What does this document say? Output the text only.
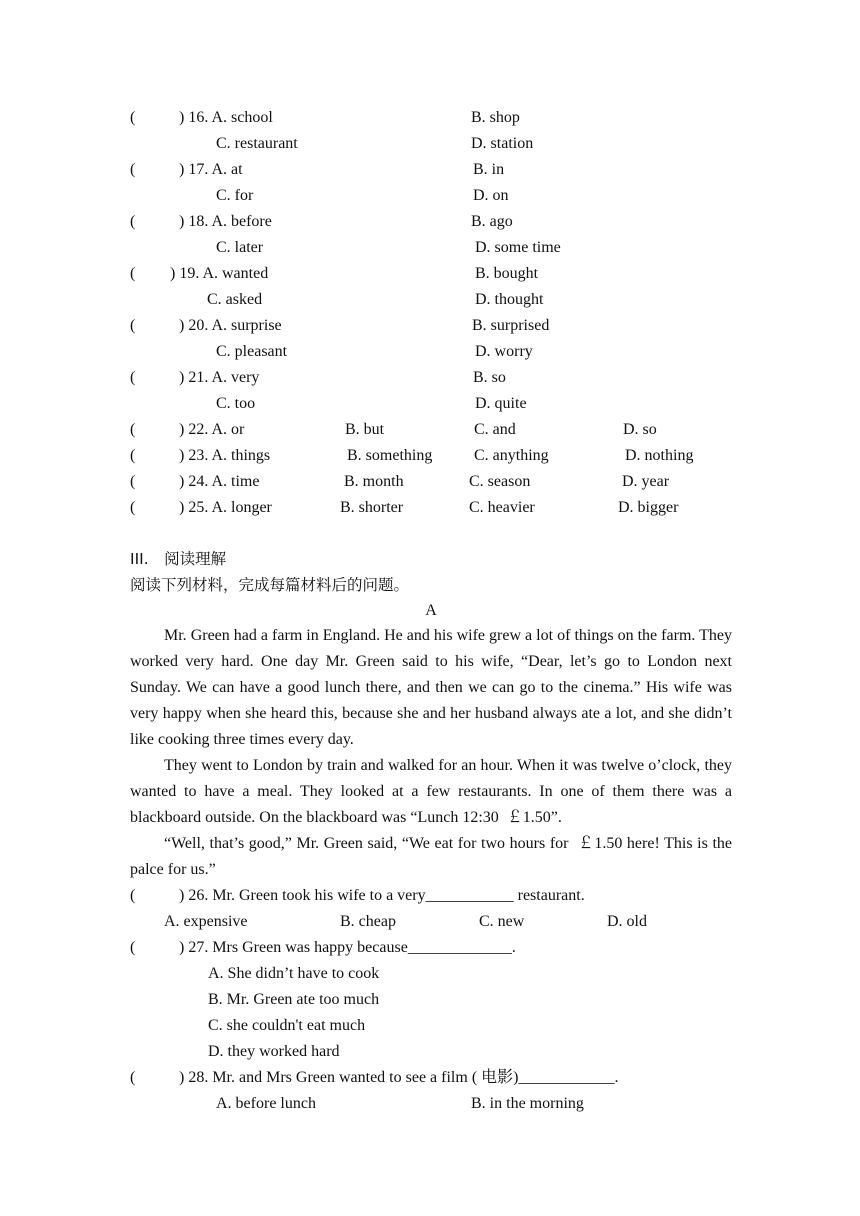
(	) 16. A. school	B. shop
C. restaurant	D. station
(	) 17. A. at	B. in
C. for	D. on
(	) 18. A. before	B. ago
C. later	D. some time
( ) 19. A. wanted	B. bought
C. asked	D. thought
(	) 20. A. surprise	B. surprised
C. pleasant	D. worry
(	) 21. A. very	B. so
C. too	D. quite
(	) 22. A. or	B. but	C. and	D. so
(	) 23. A. things	B. something	C. anything	D. nothing
(	) 24. A. time	B. month	C. season	D. year
(	) 25. A. longer	B. shorter	C. heavier	D. bigger
III.　阅读理解
阅读下列材料，完成每篇材料后的问题。
A
Mr. Green had a farm in England. He and his wife grew a lot of things on the farm. They worked very hard. One day Mr. Green said to his wife, “Dear, let’s go to London next Sunday. We can have a good lunch there, and then we can go to the cinema.” His wife was very happy when she heard this, because she and her husband always ate a lot, and she didn’t like cooking three times every day.
They went to London by train and walked for an hour. When it was twelve o’clock, they wanted to have a meal. They looked at a few restaurants. In one of them there was a blackboard outside. On the blackboard was “Lunch 12:30  ￡1.50”.
“Well, that’s good,” Mr. Green said, “We eat for two hours for  ￡1.50 here! This is the palce for us.”
(	) 26. Mr. Green took his wife to a very___________ restaurant.
A. expensive	B. cheap	C. new	D. old
(	) 27. Mrs Green was happy because_____________.
A. She didn’t have to cook
B. Mr. Green ate too much
C. she couldn't eat much
D. they worked hard
(	) 28. Mr. and Mrs Green wanted to see a film ( 电影)____________.
A. before lunch	B. in the morning
